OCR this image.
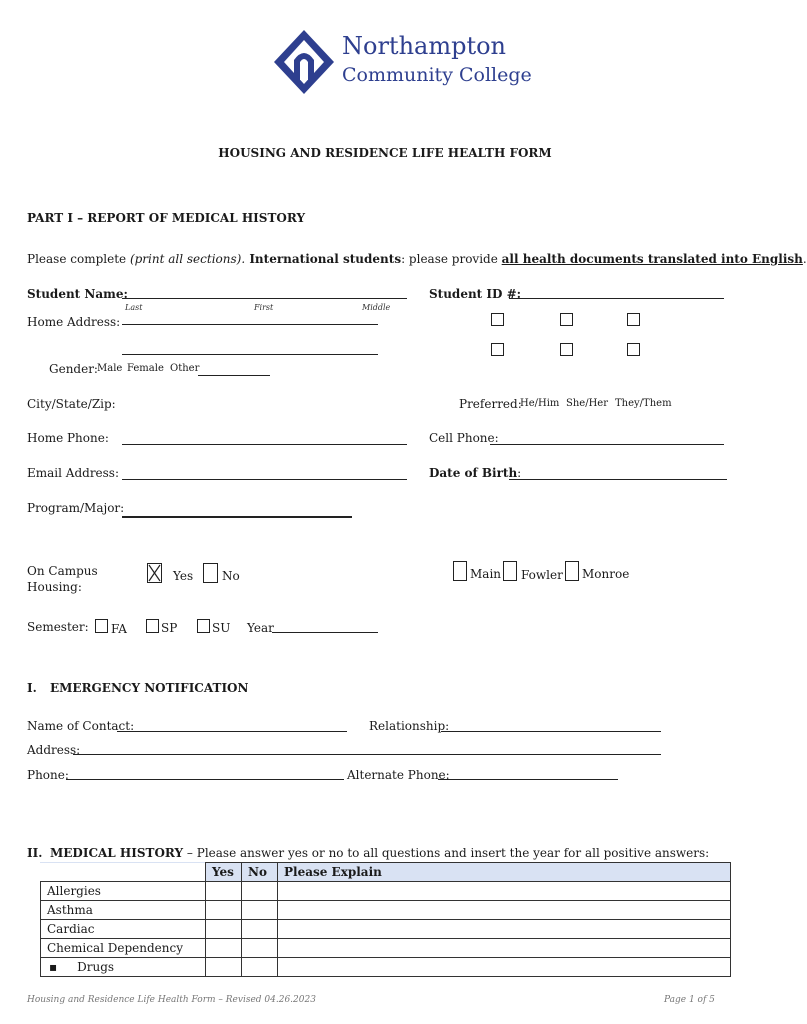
Northampton
Community College
HOUSING AND RESIDENCE LIFE HEALTH FORM
PART I – REPORT OF MEDICAL HISTORY
Please complete (print all sections). International students: please provide all health documents translated into English.
Student Name:
Last	First	Middle
Student ID #:
Home Address:
Gender: Male Female Other
City/State/Zip:	Preferred:
He/Him She/Her They/Them
Home Phone:	Cell Phone:
Email Address:	Date of Birth:
Program/Major:
On Campus
Housing:
Yes No	Main Fowler Monroe
Semester: FA	SP	SU Year
I. EMERGENCY NOTIFICATION
Name of Contact:	Relationship:
Address:
Phone:	Alternate Phone:
II. MEDICAL HISTORY – Please answer yes or no to all questions and insert the year for all positive answers:
	Yes	No	Please Explain
Allergies			
Asthma			
Cardiac			
Chemical Dependency			
▪ Drugs			
Housing and Residence Life Health Form – Revised 04.26.2023	Page 1 of 5
